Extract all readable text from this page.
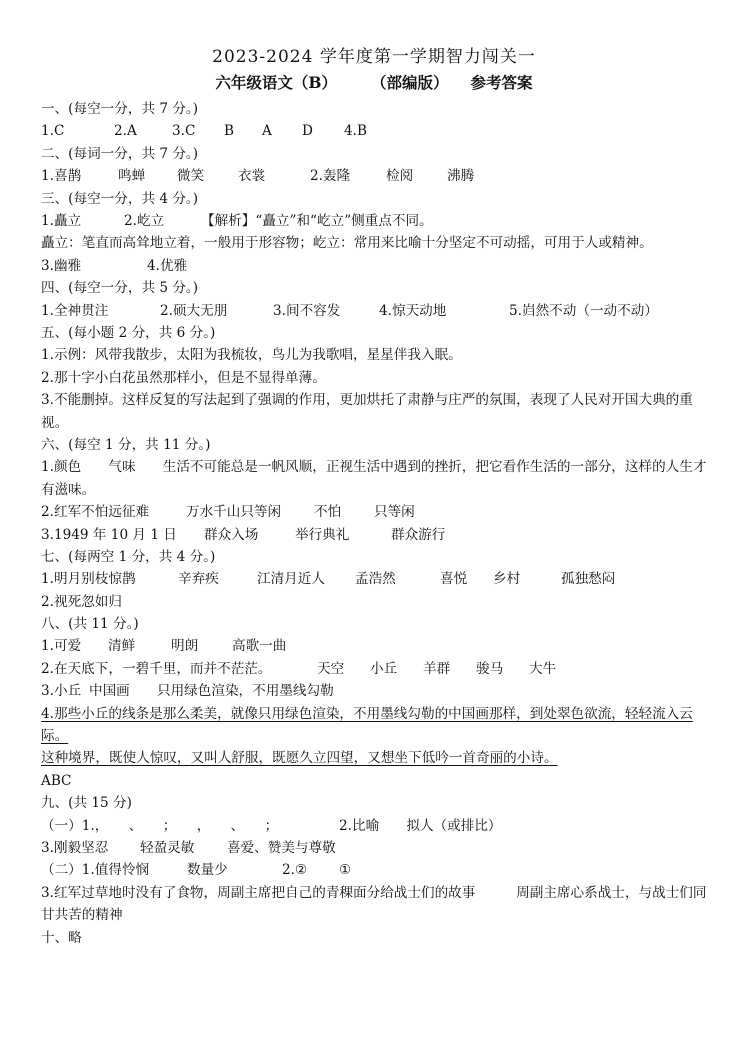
2023-2024 学年度第一学期智力闯关一
六年级语文（B） （部编版） 参考答案
一、(每空一分，共 7 分。)
1.C	2.A	3.C B A D 4.B
二、(每词一分，共 7 分。)
1.喜鹊	鸣蝉 微笑 衣裳	2.轰隆	检阅 沸腾
三、(每空一分，共 4 分。)
1.矗立	2.屹立	【解析】“矗立”和“屹立”侧重点不同。
矗立：笔直而高耸地立着，一般用于形容物；屹立：常用来比喻十分坚定不可动摇，可用于人或精神。
3.幽雅	4.优雅
四、(每空一分，共 5 分。)
1.全神贯注	2.硕大无朋	3.间不容发	4.惊天动地	5.岿然不动（一动不动）
五、(每小题 2 分，共 6 分。)
1.示例：风带我散步，太阳为我梳妆，鸟儿为我歌唱，星星伴我入眠。
2.那十字小白花虽然那样小，但是不显得单薄。
3.不能删掉。这样反复的写法起到了强调的作用，更加烘托了肃静与庄严的氛围，表现了人民对开国大典的重视。
六、(每空 1 分，共 11 分。)
1.颜色　　气味　　生活不可能总是一帆风顺，正视生活中遇到的挫折，把它看作生活的一部分，这样的人生才有滋味。
2.红军不怕远征难	万水千山只等闲 不怕 只等闲
3.1949 年 10 月 1 日 群众入场	举行典礼	群众游行
七、(每两空 1 分，共 4 分。)
1.明月别枝惊鹊	辛弃疾	江清月近人 孟浩然	喜悦 乡村	孤独愁闷
2.视死忽如归
八、(共 11 分。)
1.可爱 清鲜	明朗 高歌一曲
2.在天底下，一碧千里，而并不茫茫。	天空 小丘 羊群 骏马 大牛
3.小丘 中国画 只用绿色渲染，不用墨线勾勒
4.那些小丘的线条是那么柔美，就像只用绿色渲染，不用墨线勾勒的中国画那样，到处翠色欲流，轻轻流入云际。
这种境界，既使人惊叹，又叫人舒服，既愿久立四望，又想坐下低吟一首奇丽的小诗。
ABC
九、(共 15 分)
（一）1.，　　、　　；　　，　　、　　；	2.比喻　　拟人（或排比）
3.刚毅坚忍 轻盈灵敏 喜爱、赞美与尊敬
（二）1.值得怜悯	数量少	2.② ①
3.红军过草地时没有了食物，周副主席把自己的青稞面分给战士们的故事　　　周副主席心系战士，与战士们同甘共苦的精神
十、略
